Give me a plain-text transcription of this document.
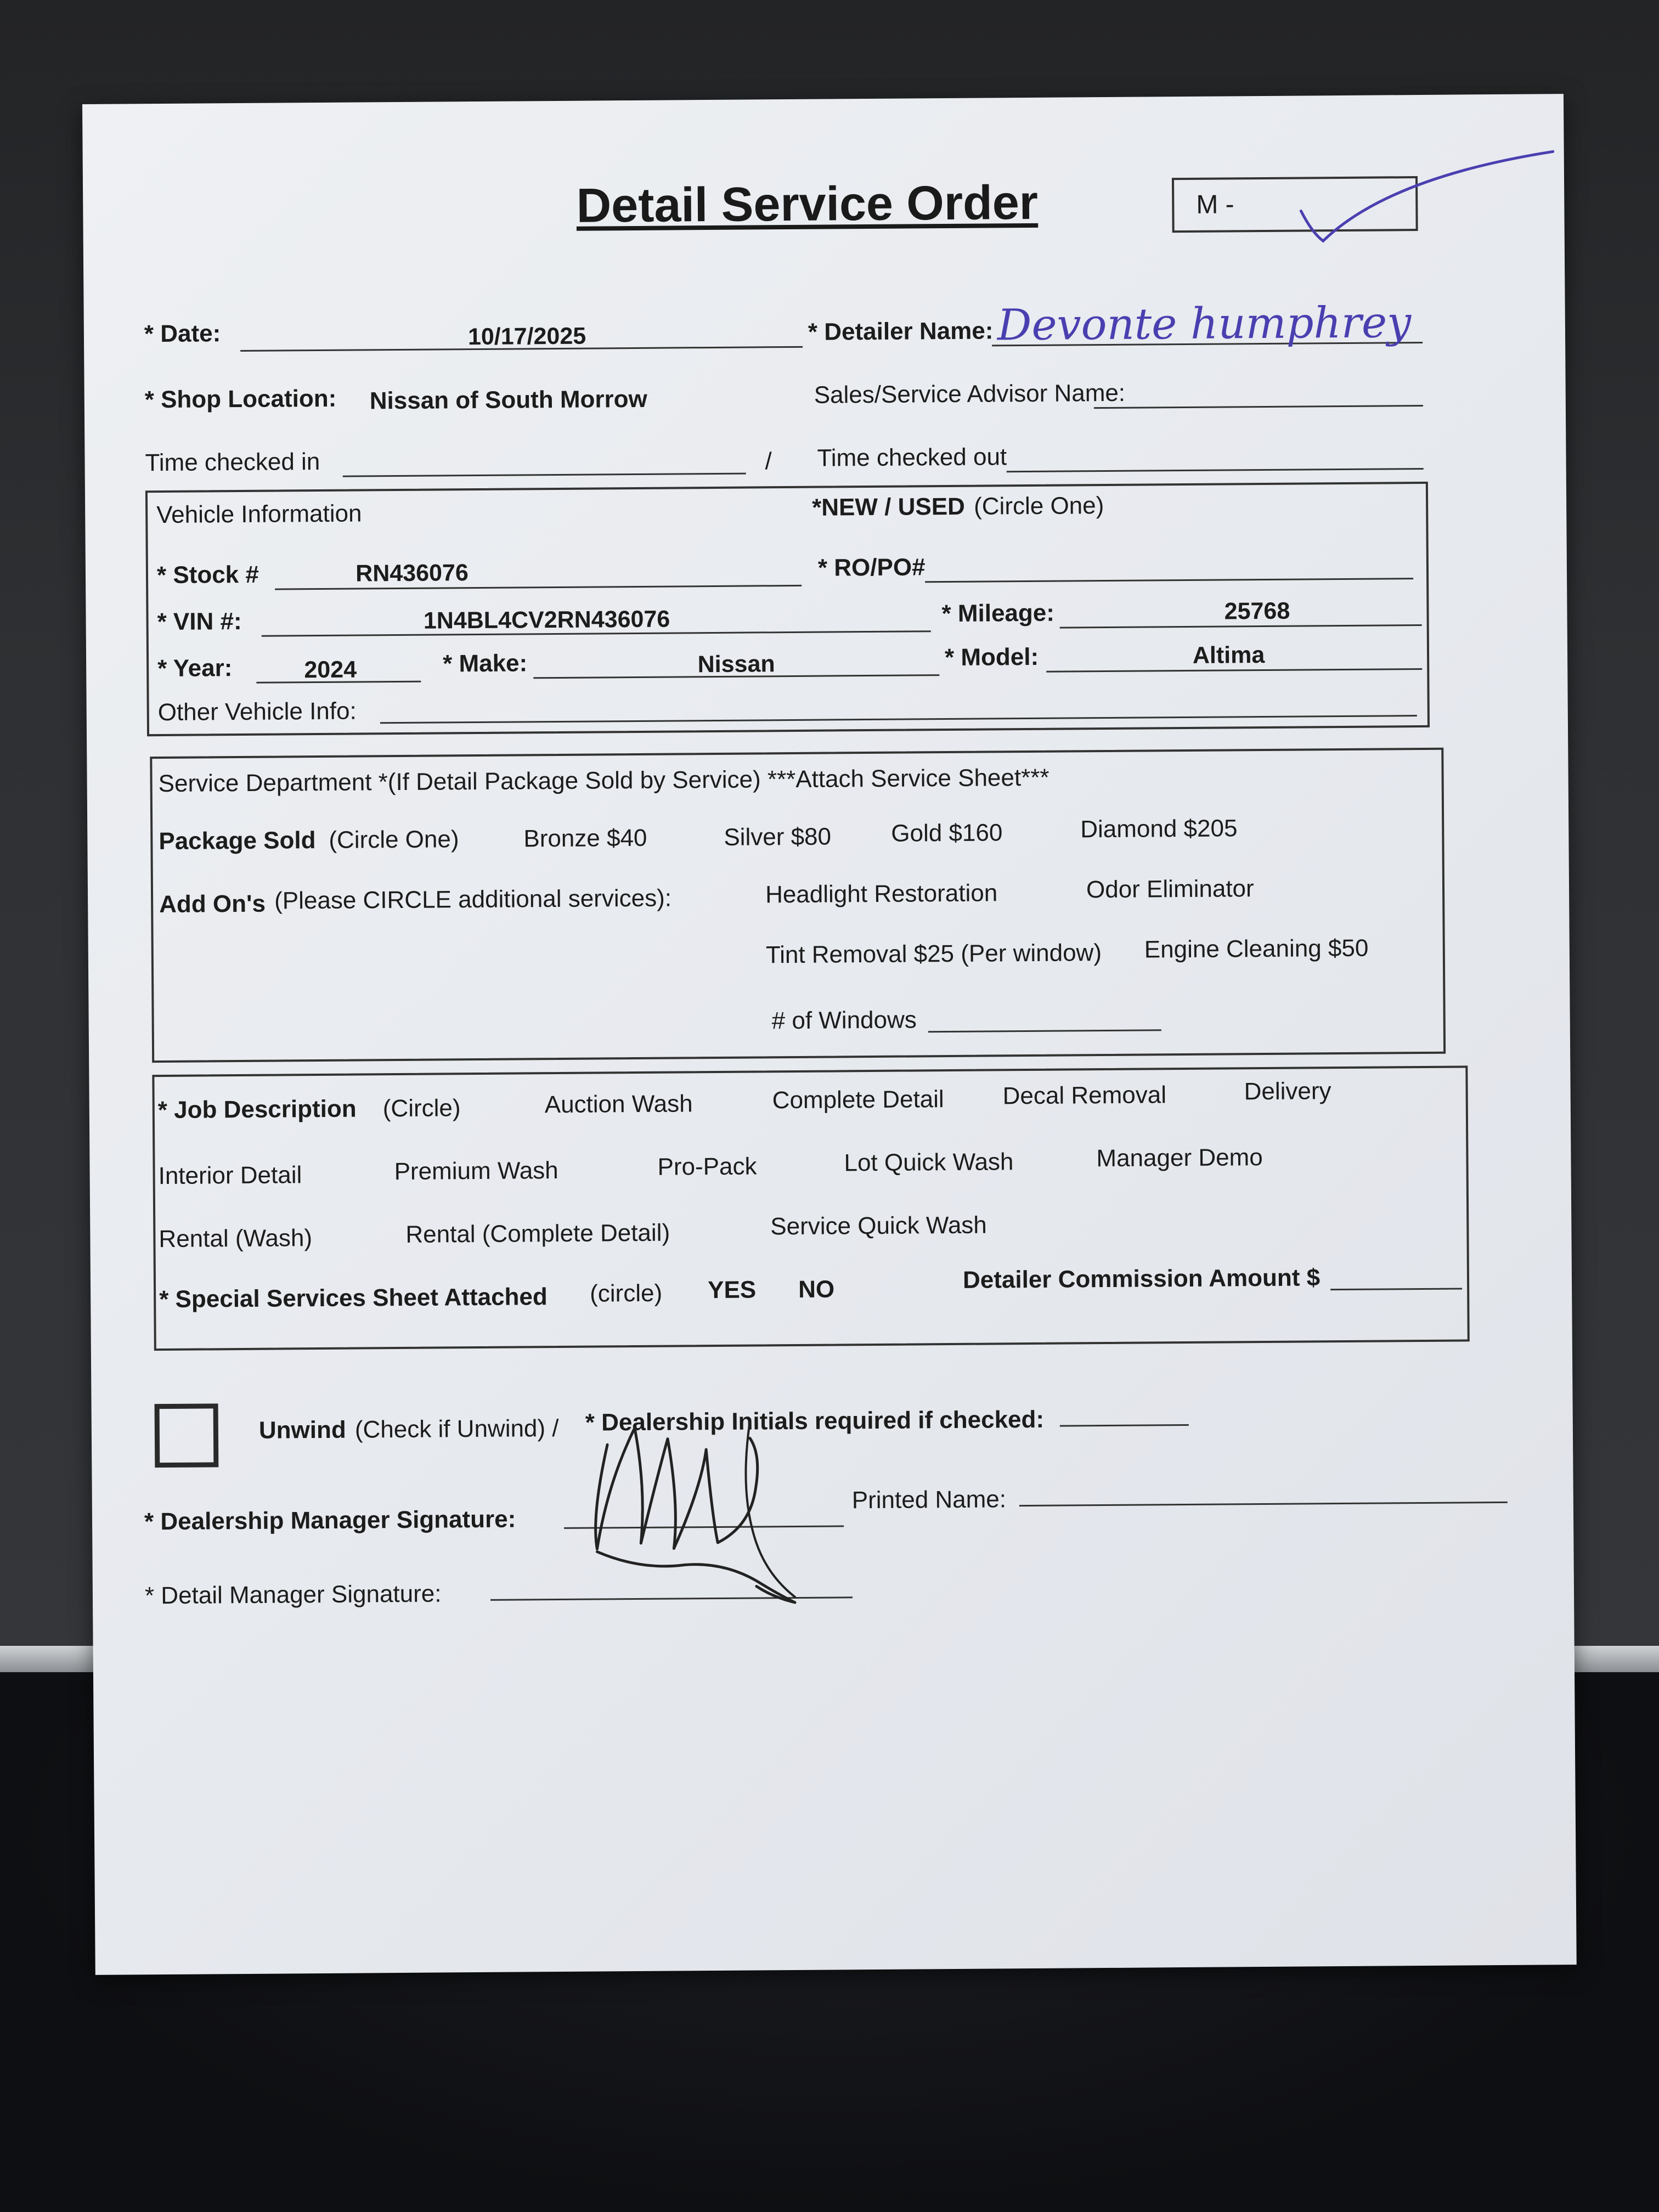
Detail Service Order	M -
* Date:	10/17/2025	* Detailer Name: Devonte humphrey
* Shop Location: Nissan of South Morrow	Sales/Service Advisor Name:
Time checked in	/ Time checked out
Vehicle Information	*NEW / USED (Circle One)
* Stock #	RN436076	* RO/PO#
* VIN #:	1N4BL4CV2RN436076	* Mileage:	25768
* Year:	2024	* Make:	Nissan	* Model:	Altima
Other Vehicle Info:
Service Department *(If Detail Package Sold by Service) ***Attach Service Sheet***
Package Sold (Circle One)	Bronze $40	Silver $80 Gold $160	Diamond $205
Add On's (Please CIRCLE additional services):	Headlight Restoration	Odor Eliminator
Tint Removal $25 (Per window) Engine Cleaning $50
# of Windows
* Job Description (Circle)	Auction Wash	Complete Detail Decal Removal	Delivery
Interior Detail	Premium Wash	Pro-Pack	Lot Quick Wash	Manager Demo
Rental (Wash)	Rental (Complete Detail)	Service Quick Wash
* Special Services Sheet Attached (circle) YES NO	Detailer Commission Amount $
Unwind (Check if Unwind) / * Dealership Initials required if checked:
* Dealership Manager Signature:
Printed Name:
* Detail Manager Signature:
